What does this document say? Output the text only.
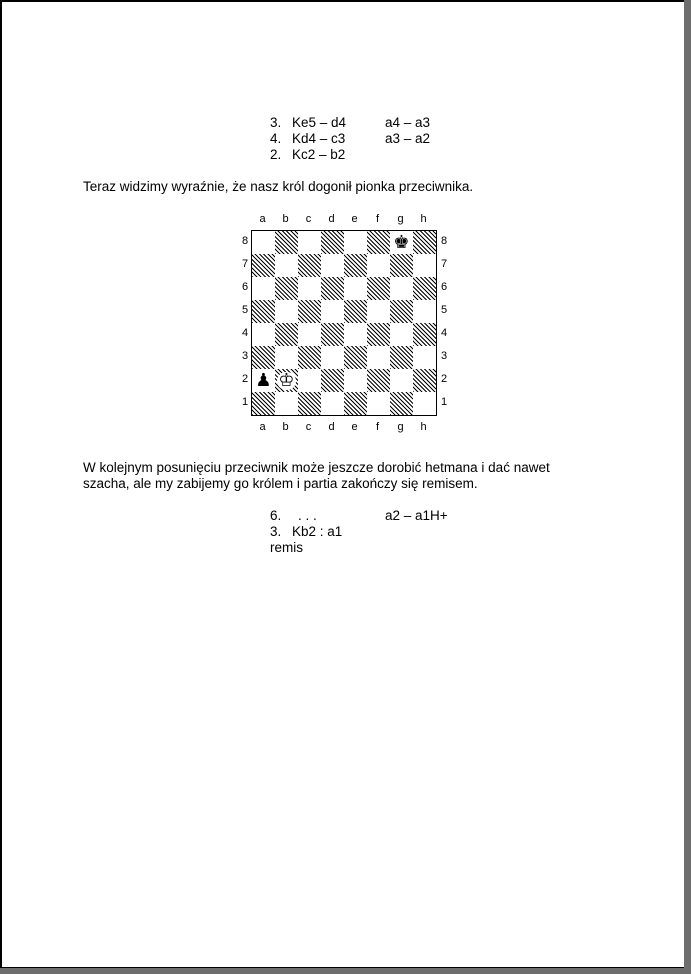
3. Ke5 – d4	a4 – a3
4. Kd4 – c3	a3 – a2
2. Kc2 – b2
Teraz widzimy wyraźnie, że nasz król dogonił pionka przeciwnika.
a	b	c	d	e	f	g	h
8
7
6
5
4
3
2
1
♚
♟ ♔
8
7
6
5
4
3
2
1
a	b	c	d	e	f	g	h
W kolejnym posunięciu przeciwnik może jeszcze dorobić hetmana i dać nawet
szacha, ale my zabijemy go królem i partia zakończy się remisem.
6. . . .	a2 – a1H+
3. Kb2 : a1
remis
